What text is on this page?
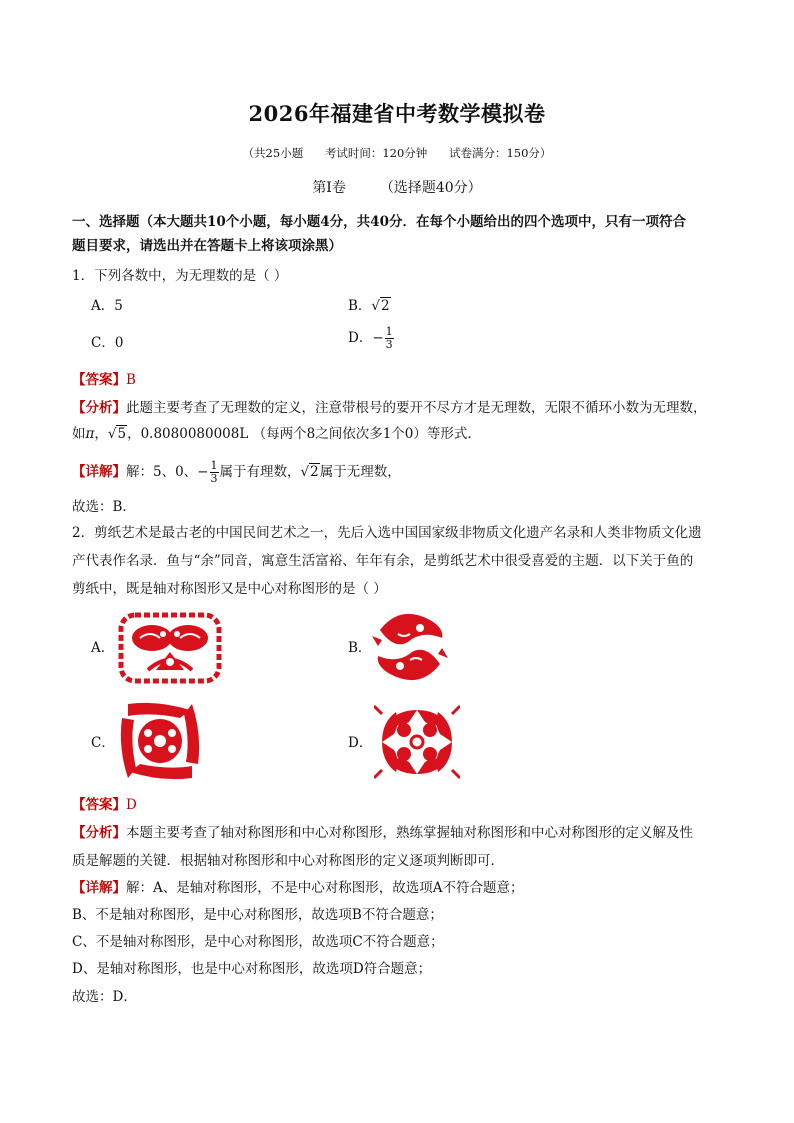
2026年福建省中考数学模拟卷
（共25小题 考试时间：120分钟 试卷满分：150分）
第Ⅰ卷 （选择题40分）
一、选择题（本大题共10个小题，每小题4分，共40分．在每个小题给出的四个选项中，只有一项符合
题目要求，请选出并在答题卡上将该项涂黑）
1．下列各数中，为无理数的是（ ）
A．5	B．√2
C．0	D．− $\frac{1}{3}$
【答案】B
【分析】此题主要考查了无理数的定义，注意带根号的要开不尽方才是无理数，无限不循环小数为无理数，
如π，√5，0.8080080008L （每两个8之间依次多1个0）等形式．
【详解】解：5、0、− $\frac{1}{3}$ 属于有理数，√2属于无理数，
故选：B．
2．剪纸艺术是最古老的中国民间艺术之一，先后入选中国国家级非物质文化遗产名录和人类非物质文化遗
产代表作名录．鱼与“余”同音，寓意生活富裕、年年有余，是剪纸艺术中很受喜爱的主题．以下关于鱼的
剪纸中，既是轴对称图形又是中心对称图形的是（ ）
A．	B．
C．	D．
【答案】D
【分析】本题主要考查了轴对称图形和中心对称图形，熟练掌握轴对称图形和中心对称图形的定义解及性
质是解题的关键．根据轴对称图形和中心对称图形的定义逐项判断即可．
【详解】解：A、是轴对称图形，不是中心对称图形，故选项A不符合题意；
B、不是轴对称图形，是中心对称图形，故选项B不符合题意；
C、不是轴对称图形，是中心对称图形，故选项C不符合题意；
D、是轴对称图形，也是中心对称图形，故选项D符合题意；
故选：D．
